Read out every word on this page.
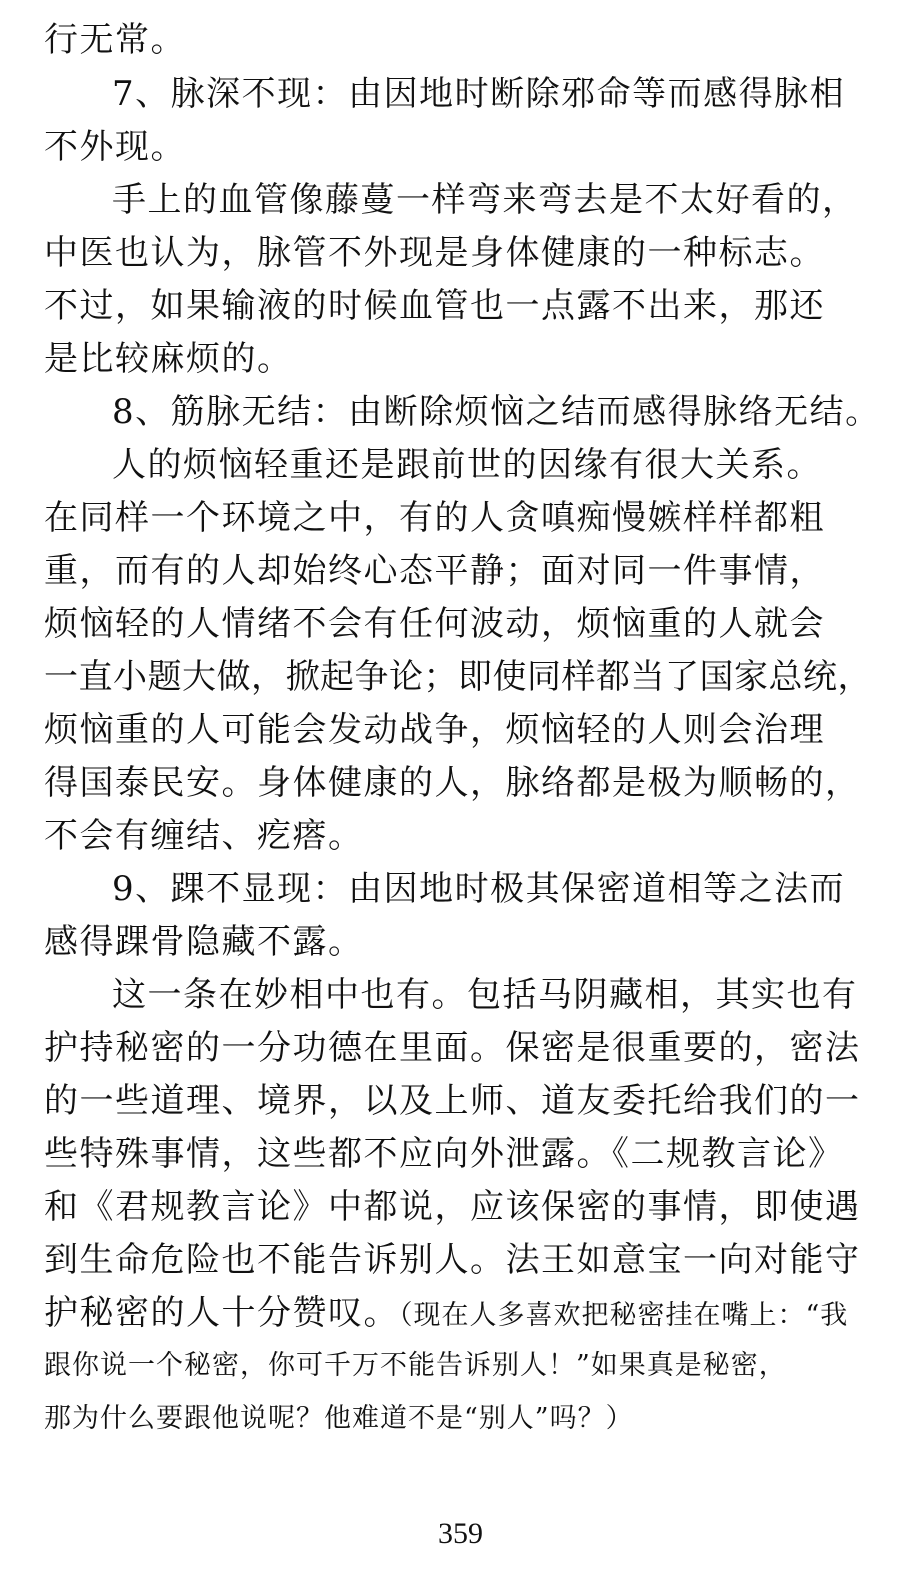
行无常。
7、脉深不现：由因地时断除邪命等而感得脉相
不外现。
手上的血管像藤蔓一样弯来弯去是不太好看的，
中医也认为，脉管不外现是身体健康的一种标志。
不过，如果输液的时候血管也一点露不出来，那还
是比较麻烦的。
8、筋脉无结：由断除烦恼之结而感得脉络无结。
人的烦恼轻重还是跟前世的因缘有很大关系。
在同样一个环境之中，有的人贪嗔痴慢嫉样样都粗
重，而有的人却始终心态平静；面对同一件事情，
烦恼轻的人情绪不会有任何波动，烦恼重的人就会
一直小题大做，掀起争论；即使同样都当了国家总统，
烦恼重的人可能会发动战争，烦恼轻的人则会治理
得国泰民安。身体健康的人，脉络都是极为顺畅的，
不会有缠结、疙瘩。
9、踝不显现：由因地时极其保密道相等之法而
感得踝骨隐藏不露。
这一条在妙相中也有。包括马阴藏相，其实也有
护持秘密的一分功德在里面。保密是很重要的，密法
的一些道理、境界，以及上师、道友委托给我们的一
些特殊事情，这些都不应向外泄露。《二规教言论》
和《君规教言论》中都说，应该保密的事情，即使遇
到生命危险也不能告诉别人。法王如意宝一向对能守
护秘密的人十分赞叹。（现在人多喜欢把秘密挂在嘴上：“我
跟你说一个秘密，你可千万不能告诉别人！”如果真是秘密，
那为什么要跟他说呢？他难道不是“别人”吗？）
359
